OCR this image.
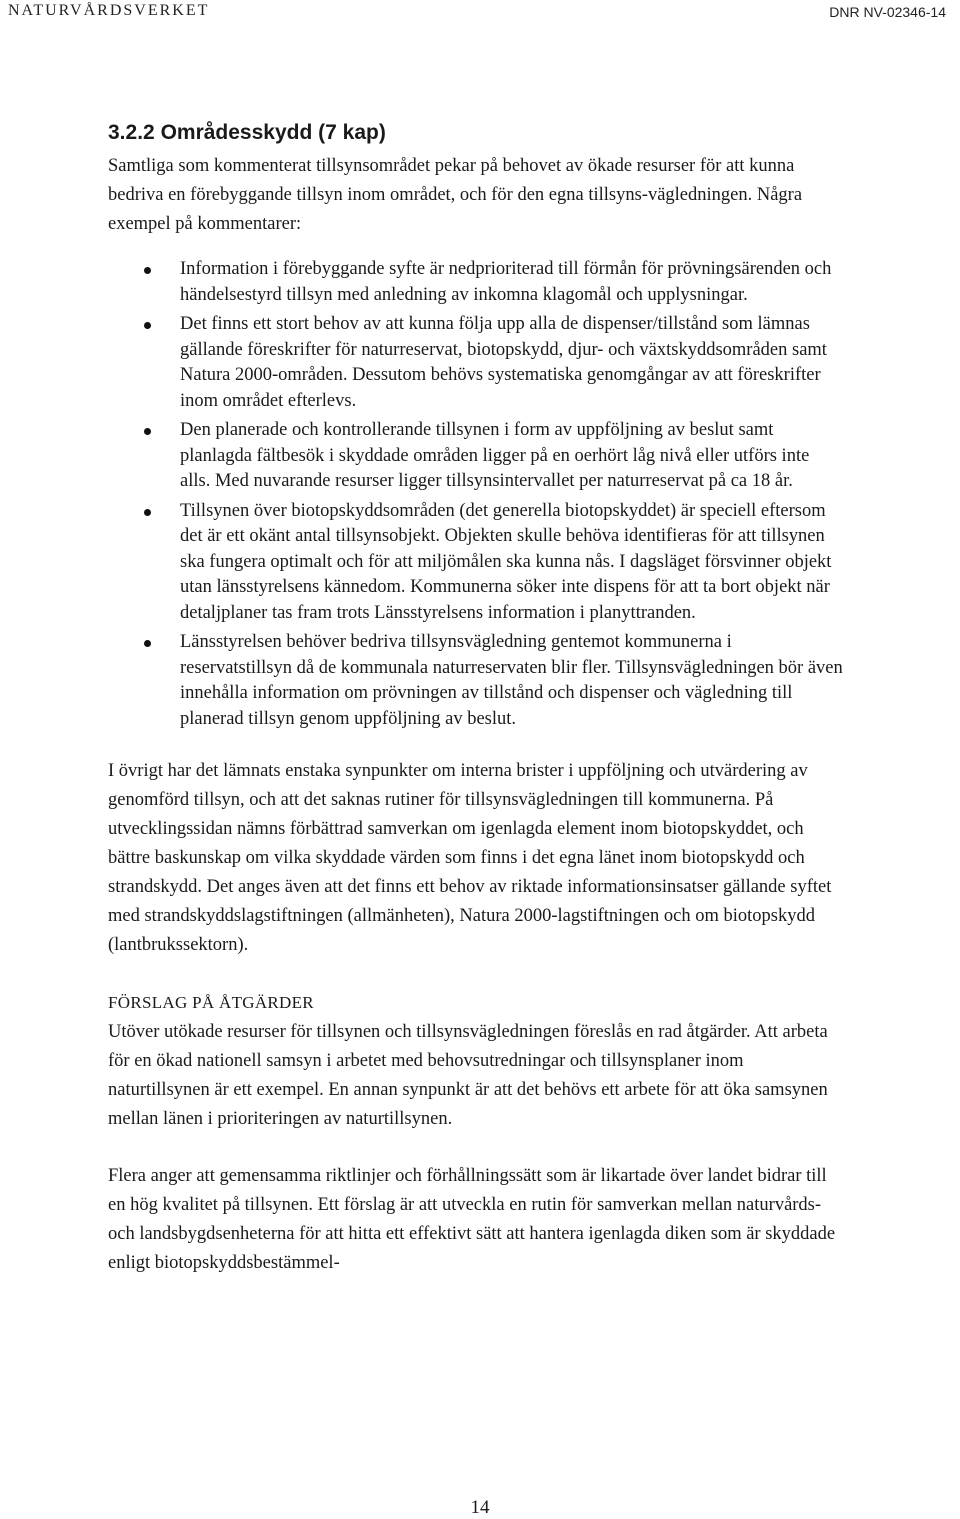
NATURVÅRDSVERKET	DNR NV-02346-14
3.2.2 Områdesskydd (7 kap)

Samtliga som kommenterat tillsynsområdet pekar på behovet av ökade resurser för att kunna bedriva en förebyggande tillsyn inom området, och för den egna tillsyns-vägledningen. Några exempel på kommentarer:

Information i förebyggande syfte är nedprioriterad till förmån för prövningsärenden och händelsestyrd tillsyn med anledning av inkomna klagomål och upplysningar.
Det finns ett stort behov av att kunna följa upp alla de dispenser/tillstånd som lämnas gällande föreskrifter för naturreservat, biotopskydd, djur- och växtskyddsområden samt Natura 2000-områden. Dessutom behövs systematiska genomgångar av att föreskrifter inom området efterlevs.
Den planerade och kontrollerande tillsynen i form av uppföljning av beslut samt planlagda fältbesök i skyddade områden ligger på en oerhört låg nivå eller utförs inte alls. Med nuvarande resurser ligger tillsynsintervallet per naturreservat på ca 18 år.
Tillsynen över biotopskyddsområden (det generella biotopskyddet) är speciell eftersom det är ett okänt antal tillsynsobjekt. Objekten skulle behöva identifieras för att tillsynen ska fungera optimalt och för att miljömålen ska kunna nås. I dagsläget försvinner objekt utan länsstyrelsens kännedom. Kommunerna söker inte dispens för att ta bort objekt när detaljplaner tas fram trots Länsstyrelsens information i planyttranden.
Länsstyrelsen behöver bedriva tillsynsvägledning gentemot kommunerna i reservatstillsyn då de kommunala naturreservaten blir fler. Tillsynsvägledningen bör även innehålla information om prövningen av tillstånd och dispenser och vägledning till planerad tillsyn genom uppföljning av beslut.

I övrigt har det lämnats enstaka synpunkter om interna brister i uppföljning och utvärdering av genomförd tillsyn, och att det saknas rutiner för tillsynsvägledningen till kommunerna. På utvecklingssidan nämns förbättrad samverkan om igenlagda element inom biotopskyddet, och bättre baskunskap om vilka skyddade värden som finns i det egna länet inom biotopskydd och strandskydd. Det anges även att det finns ett behov av riktade informationsinsatser gällande syftet med strandskyddslagstiftningen (allmänheten), Natura 2000-lagstiftningen och om biotopskydd (lantbrukssektorn).

FÖRSLAG PÅ ÅTGÄRDER

Utöver utökade resurser för tillsynen och tillsynsvägledningen föreslås en rad åtgärder. Att arbeta för en ökad nationell samsyn i arbetet med behovsutredningar och tillsynsplaner inom naturtillsynen är ett exempel. En annan synpunkt är att det behövs ett arbete för att öka samsynen mellan länen i prioriteringen av naturtillsynen.

Flera anger att gemensamma riktlinjer och förhållningssätt som är likartade över landet bidrar till en hög kvalitet på tillsynen. Ett förslag är att utveckla en rutin för samverkan mellan naturvårds- och landsbygdsenheterna för att hitta ett effektivt sätt att hantera igenlagda diken som är skyddade enligt biotopskyddsbestämmel-

14
